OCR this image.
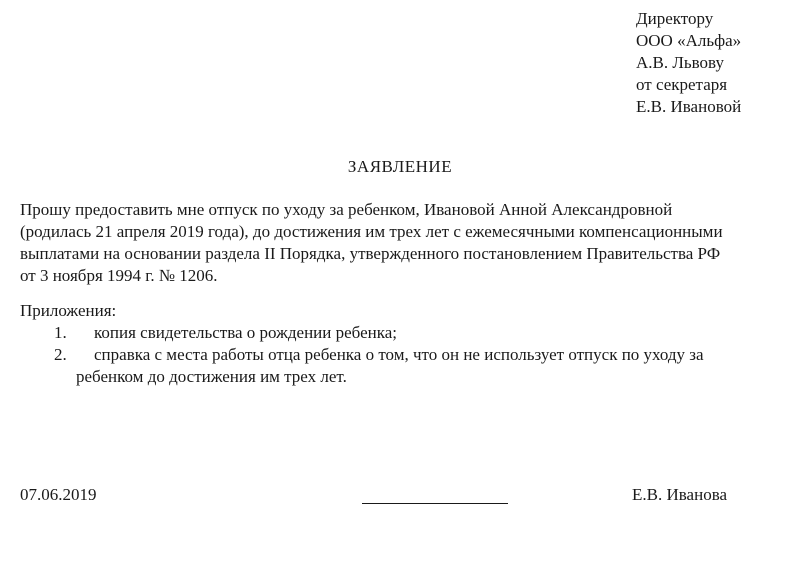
Директору
ООО «Альфа»
А.В. Львову
от секретаря
Е.В. Ивановой
ЗАЯВЛЕНИЕ
Прошу предоставить мне отпуск по уходу за ребенком, Ивановой Анной Александровной
(родилась 21 апреля 2019 года), до достижения им трех лет с ежемесячными компенсационными
выплатами на основании раздела II Порядка, утвержденного постановлением Правительства РФ
от 3 ноября 1994 г. № 1206.
Приложения:
1. копия свидетельства о рождении ребенка;
2. справка с места работы отца ребенка о том, что он не использует отпуск по уходу за
ребенком до достижения им трех лет.
07.06.2019	Е.В. Иванова
